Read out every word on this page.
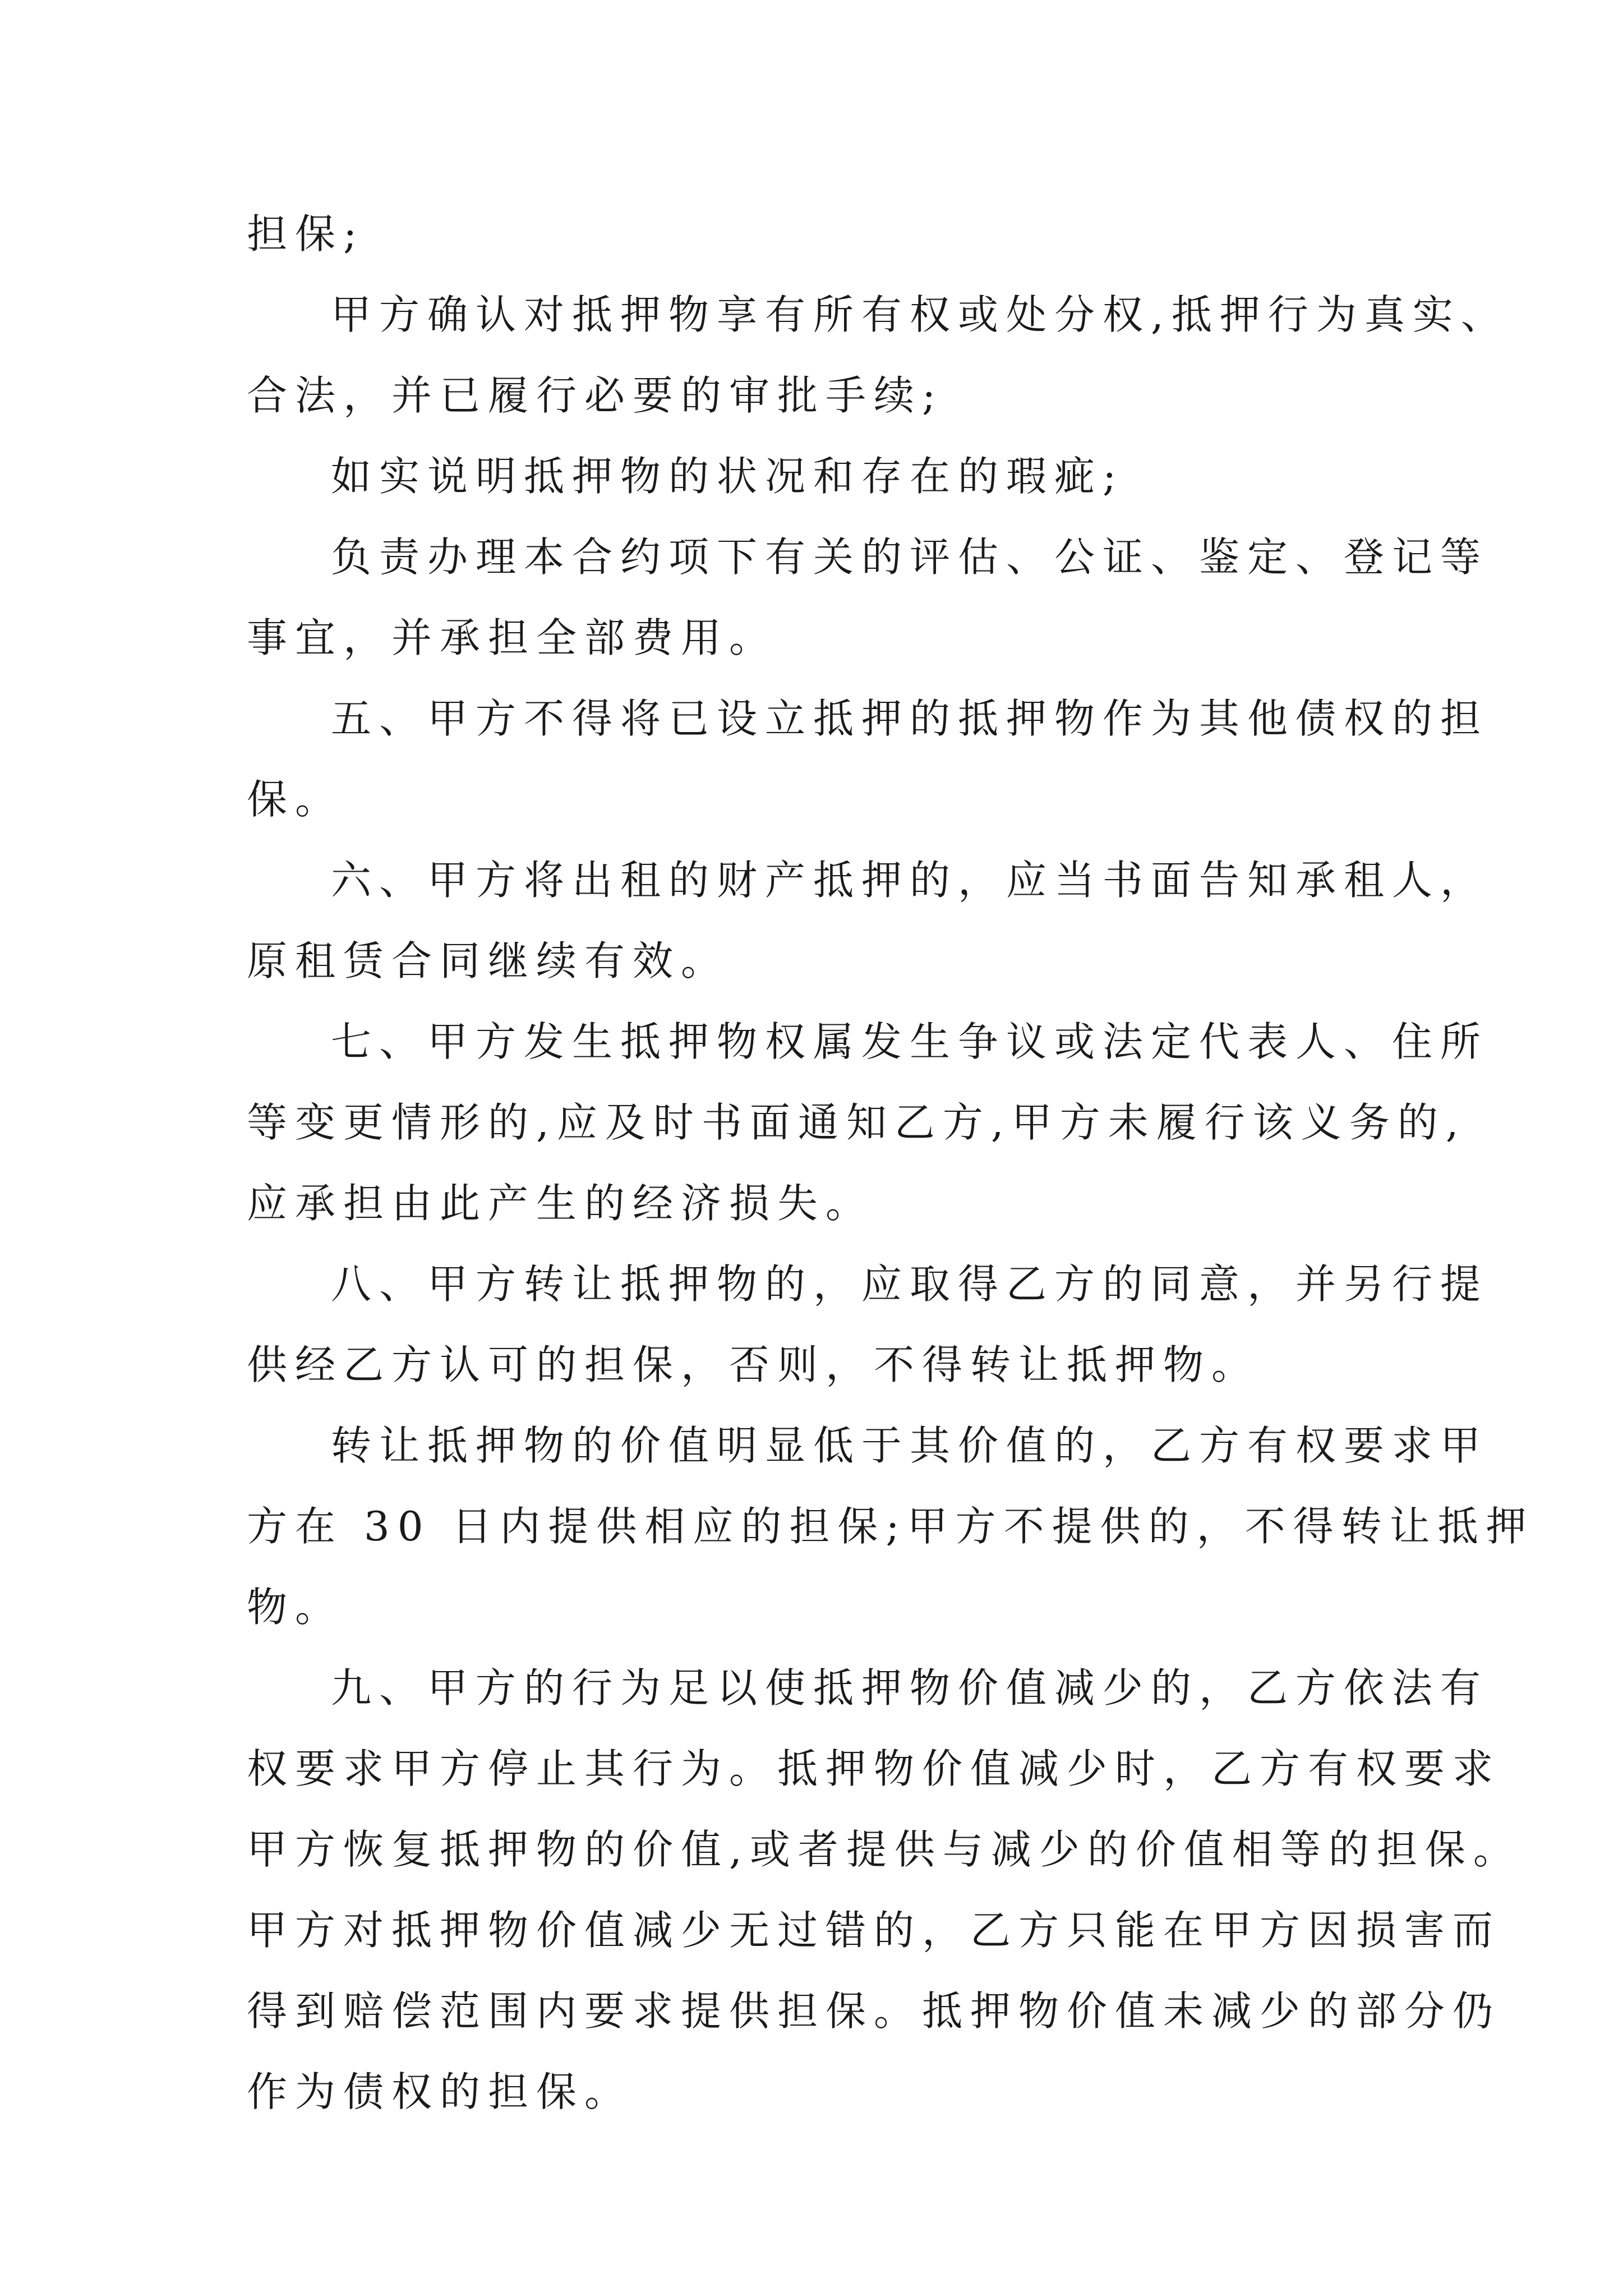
担保;
甲方确认对抵押物享有所有权或处分权,抵押行为真实、
合法，并已履行必要的审批手续;
如实说明抵押物的状况和存在的瑕疵;
负责办理本合约项下有关的评估、公证、鉴定、登记等
事宜，并承担全部费用。
五、甲方不得将已设立抵押的抵押物作为其他债权的担
保。
六、甲方将出租的财产抵押的，应当书面告知承租人，
原租赁合同继续有效。
七、甲方发生抵押物权属发生争议或法定代表人、住所
等变更情形的,应及时书面通知乙方,甲方未履行该义务的,
应承担由此产生的经济损失。
八、甲方转让抵押物的，应取得乙方的同意，并另行提
供经乙方认可的担保，否则，不得转让抵押物。
转让抵押物的价值明显低于其价值的，乙方有权要求甲
方在 30 日内提供相应的担保;甲方不提供的，不得转让抵押
物。
九、甲方的行为足以使抵押物价值减少的，乙方依法有
权要求甲方停止其行为。抵押物价值减少时，乙方有权要求
甲方恢复抵押物的价值,或者提供与减少的价值相等的担保。
甲方对抵押物价值减少无过错的，乙方只能在甲方因损害而
得到赔偿范围内要求提供担保。抵押物价值未减少的部分仍
作为债权的担保。
